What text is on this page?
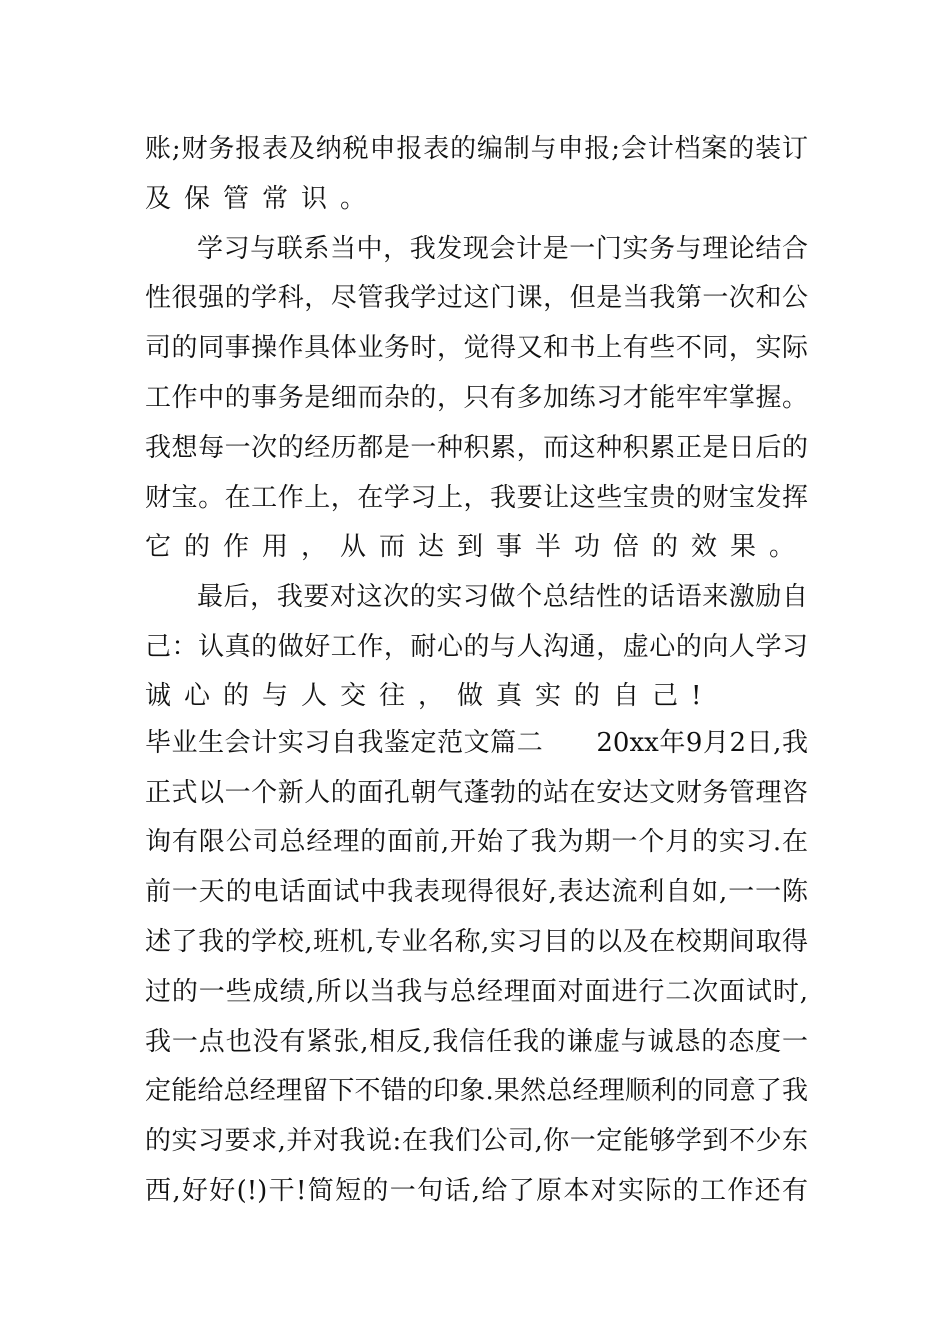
账;财务报表及纳税申报表的编制与申报;会计档案的装订
及保管常识。
学习与联系当中，我发现会计是一门实务与理论结合
性很强的学科，尽管我学过这门课，但是当我第一次和公
司的同事操作具体业务时，觉得又和书上有些不同，实际
工作中的事务是细而杂的，只有多加练习才能牢牢掌握。
我想每一次的经历都是一种积累，而这种积累正是日后的
财宝。在工作上，在学习上，我要让这些宝贵的财宝发挥
它的作用，从而达到事半功倍的效果。
最后，我要对这次的实习做个总结性的话语来激励自
己：认真的做好工作，耐心的与人沟通，虚心的向人学习
诚心的与人交往，做真实的自己!
毕业生会计实习自我鉴定范文篇二　　20xx年9月2日,我
正式以一个新人的面孔朝气蓬勃的站在安达文财务管理咨
询有限公司总经理的面前,开始了我为期一个月的实习.在
前一天的电话面试中我表现得很好,表达流利自如,一一陈
述了我的学校,班机,专业名称,实习目的以及在校期间取得
过的一些成绩,所以当我与总经理面对面进行二次面试时,
我一点也没有紧张,相反,我信任我的谦虚与诚恳的态度一
定能给总经理留下不错的印象.果然总经理顺利的同意了我
的实习要求,并对我说:在我们公司,你一定能够学到不少东
西,好好(!)干!简短的一句话,给了原本对实际的工作还有
